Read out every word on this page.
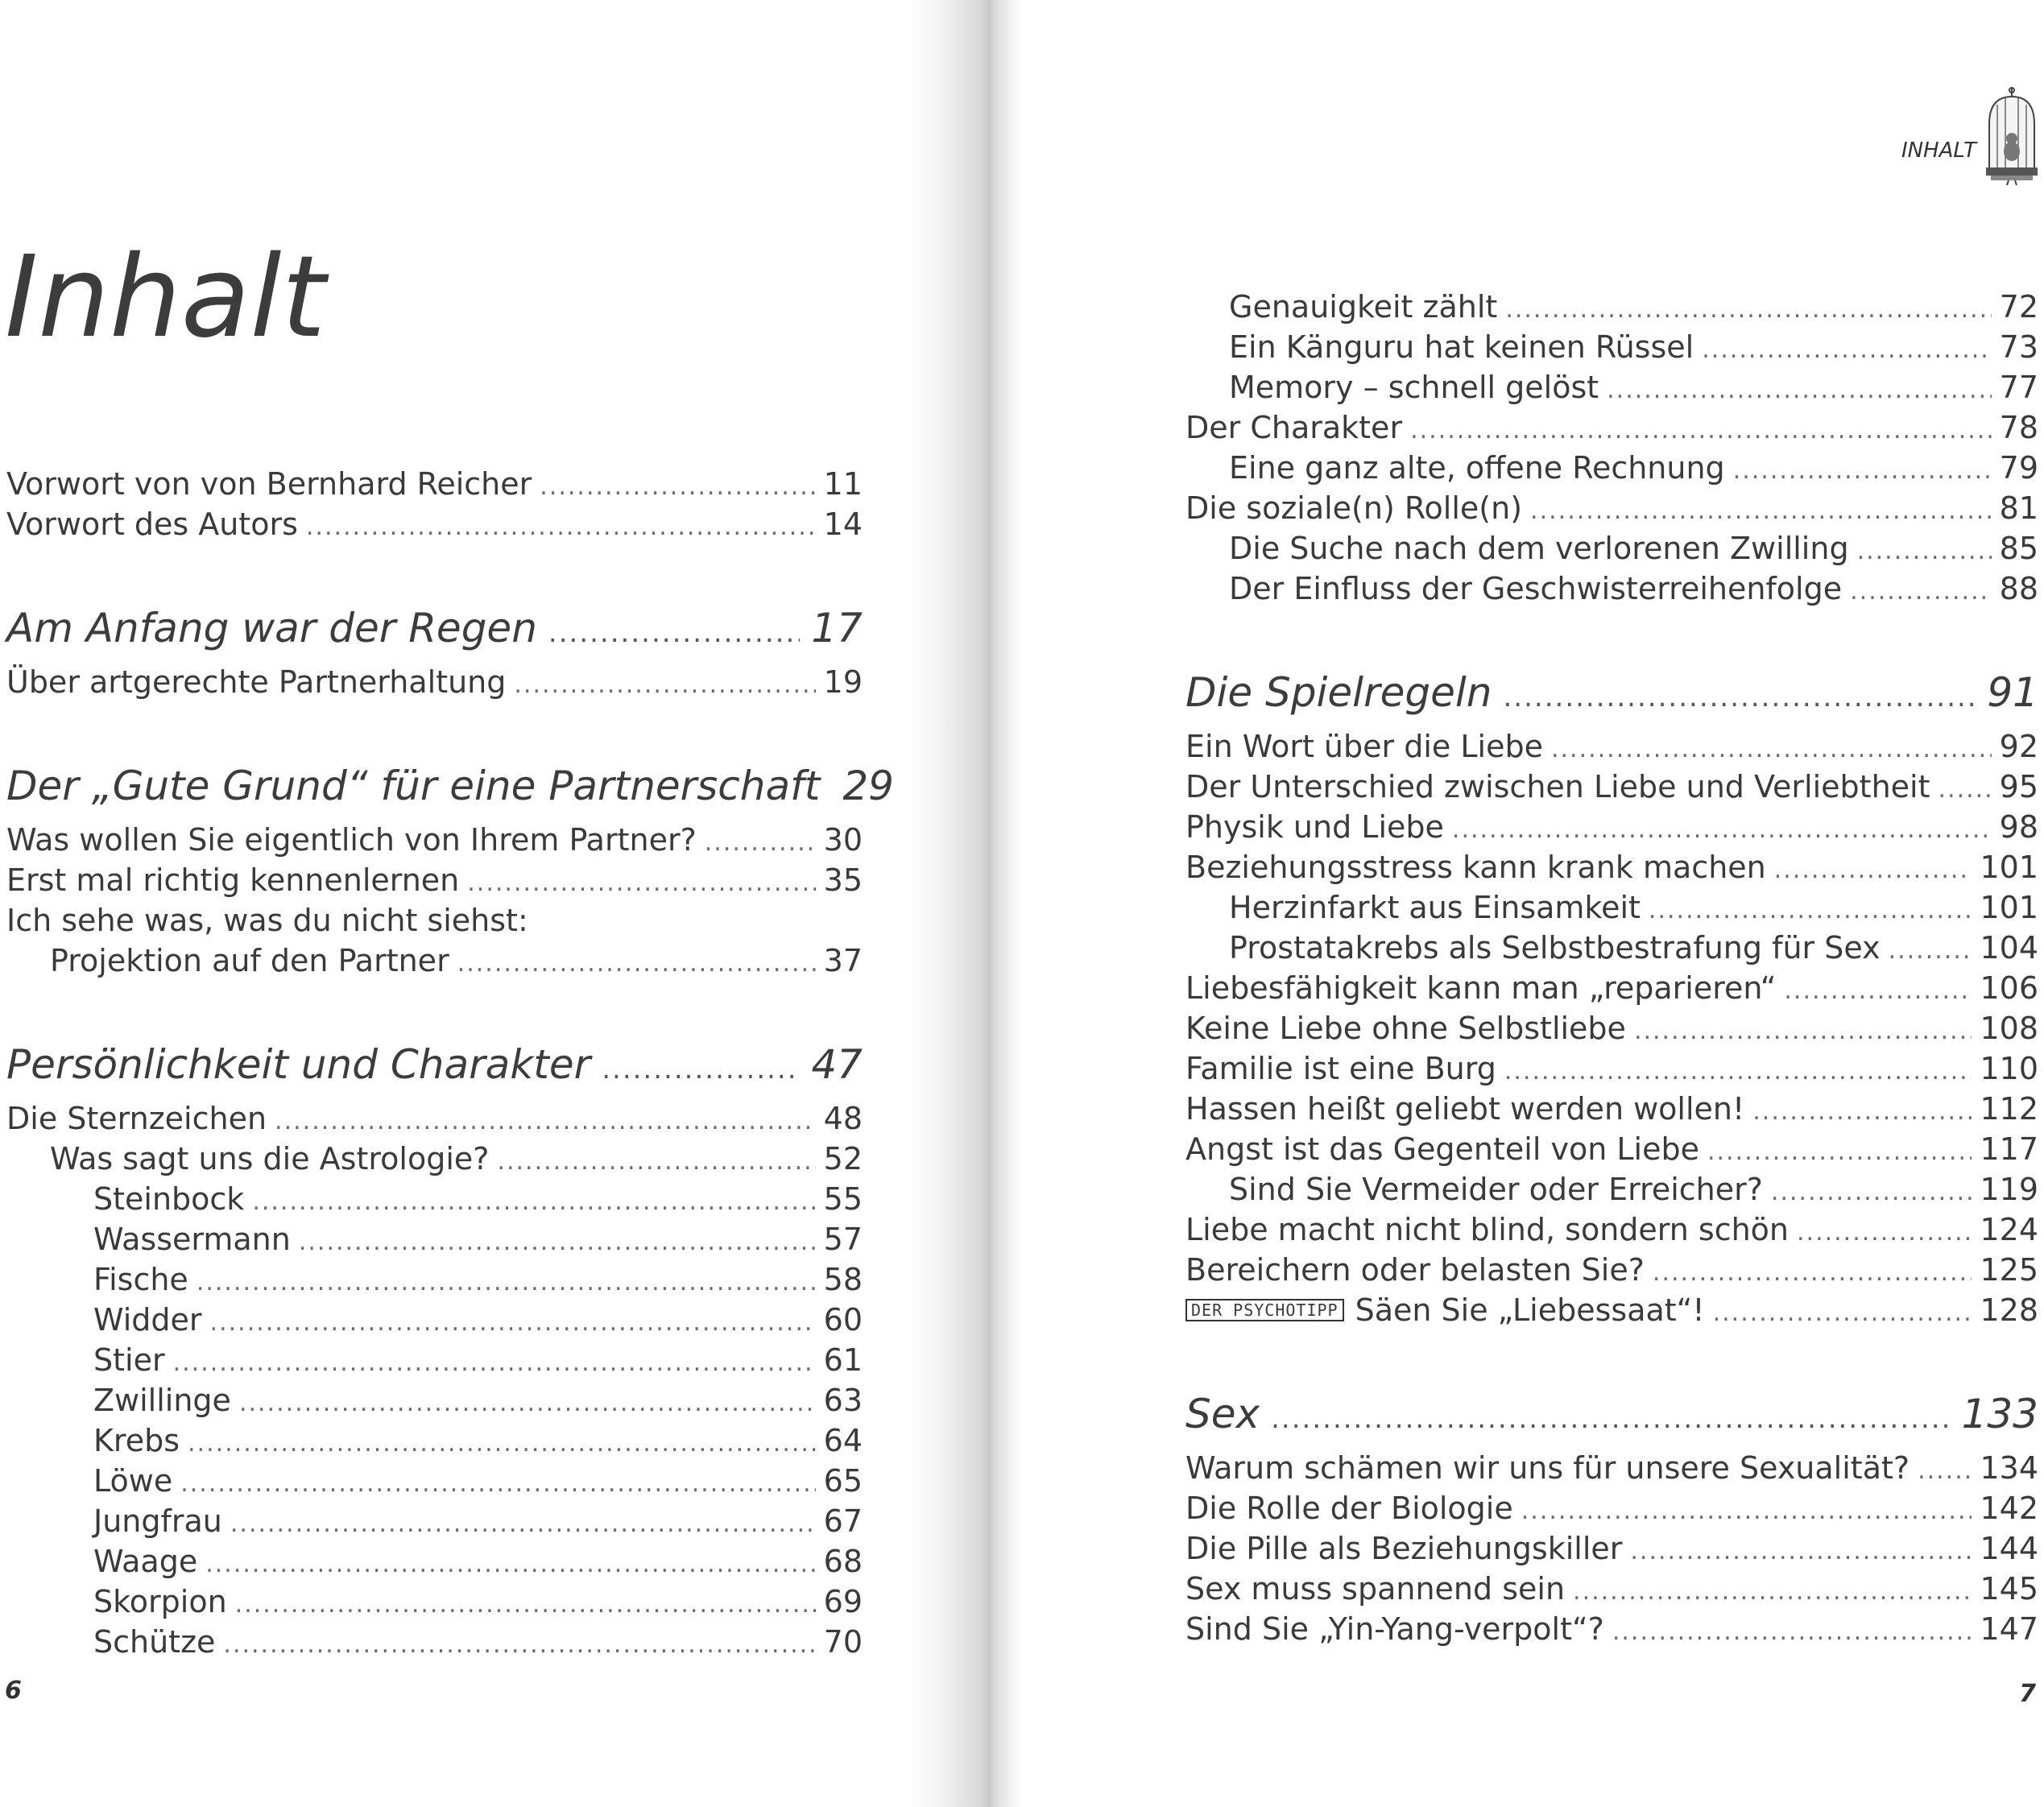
Inhalt
Vorwort von von Bernhard Reicher .....	11
Vorwort des Autors .....	14
Am Anfang war der Regen .....	17
Über artgerechte Partnerhaltung .....	19
Der „Gute Grund“ für eine Partnerschaft 29
Was wollen Sie eigentlich von Ihrem Partner? .....	30
Erst mal richtig kennenlernen .....	35
Ich sehe was, was du nicht siehst:
Projektion auf den Partner .....	37
Persönlichkeit und Charakter .....	47
Die Sternzeichen .....	48
Was sagt uns die Astrologie? .....	52
Steinbock .....	55
Wassermann .....	57
Fische .....	58
Widder .....	60
Stier .....	61
Zwillinge .....	63
Krebs .....	64
Löwe .....	65
Jungfrau .....	67
Waage .....	68
Skorpion .....	69
Schütze .....	70
6
INHALT
Genauigkeit zählt .....	72
Ein Känguru hat keinen Rüssel .....	73
Memory – schnell gelöst .....	77
Der Charakter .....	78
Eine ganz alte, offene Rechnung .....	79
Die soziale(n) Rolle(n) .....	81
Die Suche nach dem verlorenen Zwilling .....	85
Der Einfluss der Geschwisterreihenfolge .....	88
Die Spielregeln .....	91
Ein Wort über die Liebe .....	92
Der Unterschied zwischen Liebe und Verliebtheit ..... 95
Physik und Liebe .....	98
Beziehungsstress kann krank machen .....	101
Herzinfarkt aus Einsamkeit .....	101
Prostatakrebs als Selbstbestrafung für Sex .....	104
Liebesfähigkeit kann man „reparieren“ .....	106
Keine Liebe ohne Selbstliebe .....	108
Familie ist eine Burg .....	110
Hassen heißt geliebt werden wollen! .....	112
Angst ist das Gegenteil von Liebe .....	117
Sind Sie Vermeider oder Erreicher? .....	119
Liebe macht nicht blind, sondern schön .....	124
Bereichern oder belasten Sie? .....	125
DER PSYCHOTIPP Säen Sie „Liebessaat“! .....	128
Sex .....	133
Warum schämen wir uns für unsere Sexualität? ..... 134
Die Rolle der Biologie .....	142
Die Pille als Beziehungskiller .....	144
Sex muss spannend sein .....	145
Sind Sie „Yin-Yang-verpolt“? .....	147
7
